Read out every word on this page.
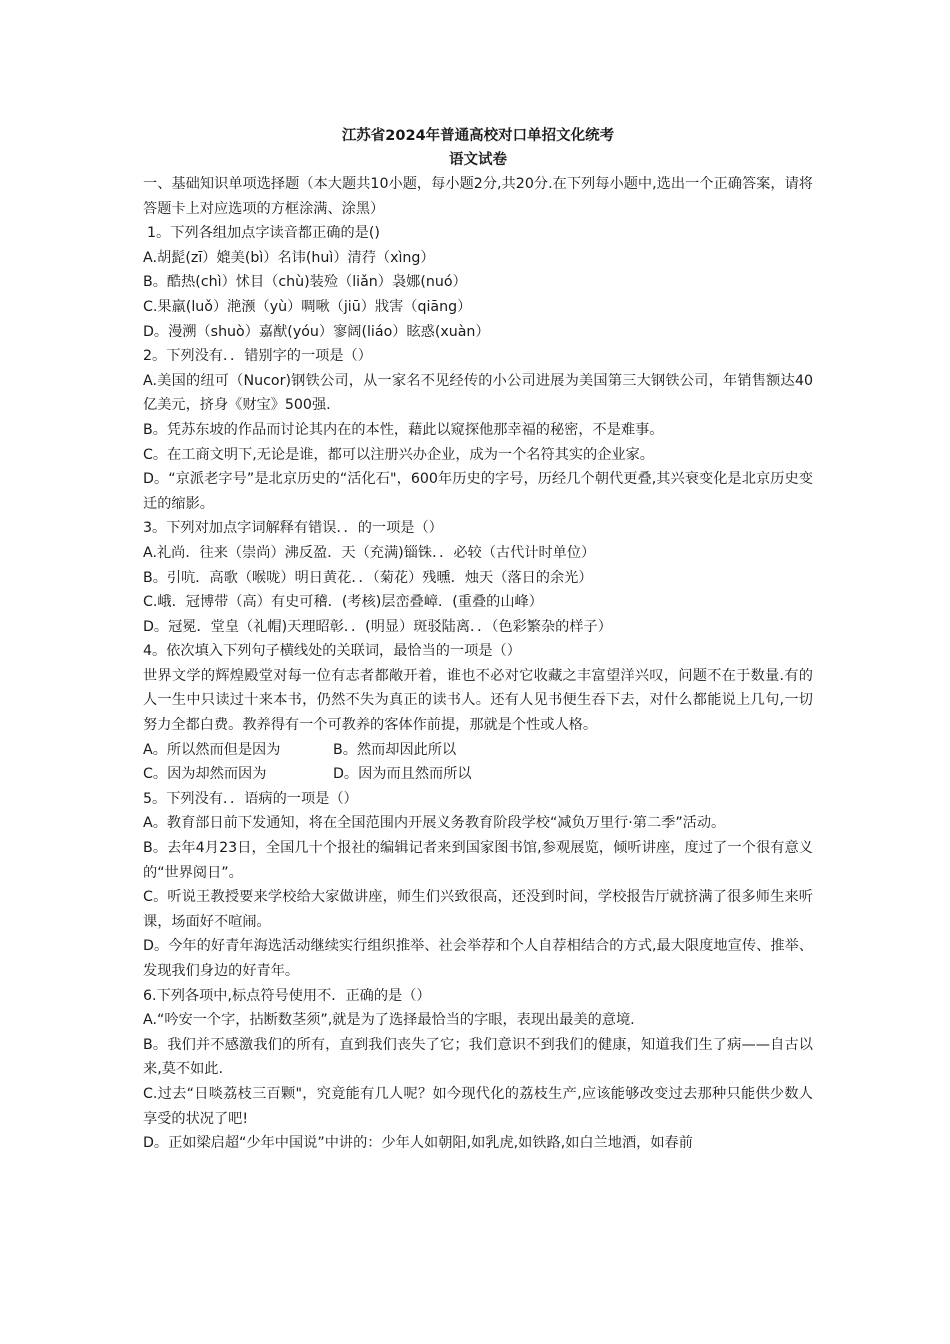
江苏省2024年普通高校对口单招文化统考

语文试卷

一、基础知识单项选择题（本大题共10小题，每小题2分,共20分.在下列每小题中,选出一个正确答案，请将答题卡上对应选项的方框涂满、涂黑）

1。下列各组加点字读音都正确的是()

A.胡髭(zī）媲美(bì）名讳(huì）清荇（xìng）

B。酷热(chì）怵目（chù)装殓（liǎn）袅娜(nuó）

C.果羸(luǒ）滟滪（yù）啁啾（jiū）戕害（qiāng）

D。漫溯（shuò）嘉猷(yóu）寥阔(liáo）眩惑(xuàn）

2。下列没有．．错别字的一项是（）

A.美国的纽可（Nucor)钢铁公司，从一家名不见经传的小公司进展为美国第三大钢铁公司，年销售额达40亿美元，挤身《财宝》500强.

B。凭苏东坡的作品而讨论其内在的本性，藉此以窥探他那幸福的秘密，不是难事。

C。在工商文明下,无论是谁，都可以注册兴办企业，成为一个名符其实的企业家。

D。“京派老字号”是北京历史的“活化石"，600年历史的字号，历经几个朝代更叠,其兴衰变化是北京历史变迁的缩影。

3。下列对加点字词解释有错误．．的一项是（）

A.礼尚．往来（崇尚）沸反盈．天（充满)锱铢．．必较（古代计时单位）

B。引吭．高歌（喉咙）明日黄花．．（菊花）残曛．烛天（落日的余光）

C.峨．冠博带（高）有史可稽．(考核)层峦叠嶂．(重叠的山峰）

D。冠冕．堂皇（礼帽)天理昭彰．．(明显）斑驳陆离．．（色彩繁杂的样子）

4。依次填入下列句子横线处的关联词，最恰当的一项是（）

世界文学的辉煌殿堂对每一位有志者都敞开着，谁也不必对它收藏之丰富望洋兴叹，问题不在于数量.有的人一生中只读过十来本书，仍然不失为真正的读书人。还有人见书便生吞下去，对什么都能说上几句,一切努力全都白费。教养得有一个可教养的客体作前提，那就是个性或人格。

A。所以然而但是因为	B。然而却因此所以
C。因为却然而因为	D。因为而且然而所以

5。下列没有．．语病的一项是（）

A。教育部日前下发通知，将在全国范围内开展义务教育阶段学校“减负万里行·第二季”活动。

B。去年4月23日，全国几十个报社的编辑记者来到国家图书馆,参观展览，倾听讲座，度过了一个很有意义的“世界阅日”。

C。听说王教授要来学校给大家做讲座，师生们兴致很高，还没到时间，学校报告厅就挤满了很多师生来听课，场面好不喧闹。

D。今年的好青年海选活动继续实行组织推举、社会举荐和个人自荐相结合的方式,最大限度地宣传、推举、发现我们身边的好青年。

6.下列各项中,标点符号使用不．正确的是（）

A.“吟安一个字，拈断数茎须”,就是为了选择最恰当的字眼，表现出最美的意境.

B。我们并不感激我们的所有，直到我们丧失了它；我们意识不到我们的健康，知道我们生了病——自古以来,莫不如此.

C.过去“日啖荔枝三百颗"，究竟能有几人呢？如今现代化的荔枝生产,应该能够改变过去那种只能供少数人享受的状况了吧!

D。正如梁启超“少年中国说”中讲的：少年人如朝阳,如乳虎,如铁路,如白兰地酒，如春前
